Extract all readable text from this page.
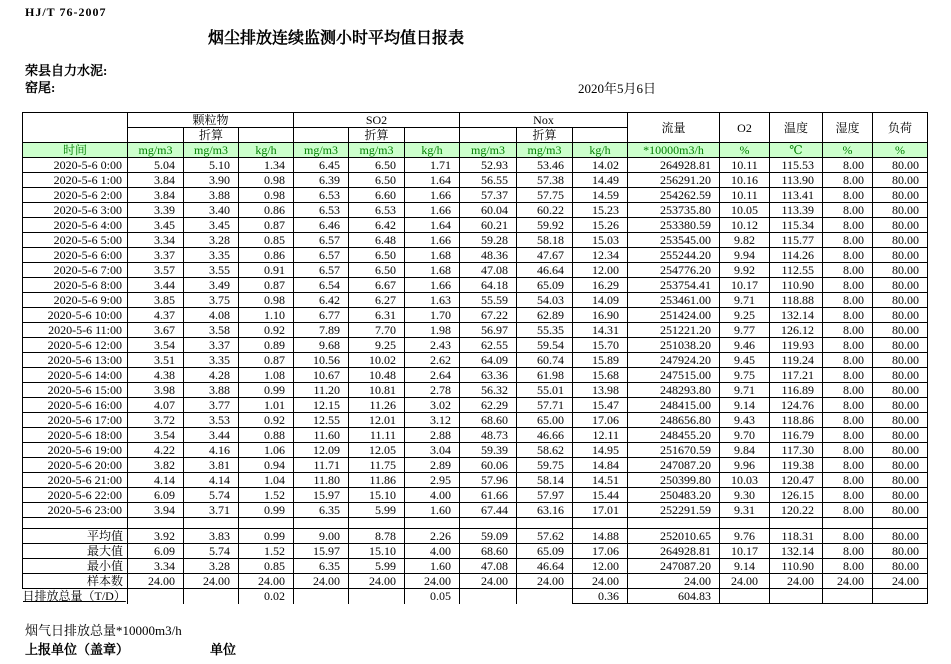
HJ/T 76-2007
烟尘排放连续监测小时平均值日报表
荣县自力水泥:
窑尾:	2020年5月6日
	颗粒物			SO2			Nox			流量	O2	温度	湿度	负荷
		折算			折算			折算						
时间	mg/m3	mg/m3	kg/h	mg/m3	mg/m3	kg/h	mg/m3	mg/m3	kg/h	*10000m3/h	%	℃	%	%
2020-5-6 0:00	5.04	5.10	1.34	6.45	6.50	1.71	52.93	53.46	14.02	264928.81	10.11	115.53	8.00	80.00
2020-5-6 1:00	3.84	3.90	0.98	6.39	6.50	1.64	56.55	57.38	14.49	256291.20	10.16	113.90	8.00	80.00
2020-5-6 2:00	3.84	3.88	0.98	6.53	6.60	1.66	57.37	57.75	14.59	254262.59	10.11	113.41	8.00	80.00
2020-5-6 3:00	3.39	3.40	0.86	6.53	6.53	1.66	60.04	60.22	15.23	253735.80	10.05	113.39	8.00	80.00
2020-5-6 4:00	3.45	3.45	0.87	6.46	6.42	1.64	60.21	59.92	15.26	253380.59	10.12	115.34	8.00	80.00
2020-5-6 5:00	3.34	3.28	0.85	6.57	6.48	1.66	59.28	58.18	15.03	253545.00	9.82	115.77	8.00	80.00
2020-5-6 6:00	3.37	3.35	0.86	6.57	6.50	1.68	48.36	47.67	12.34	255244.20	9.94	114.26	8.00	80.00
2020-5-6 7:00	3.57	3.55	0.91	6.57	6.50	1.68	47.08	46.64	12.00	254776.20	9.92	112.55	8.00	80.00
2020-5-6 8:00	3.44	3.49	0.87	6.54	6.67	1.66	64.18	65.09	16.29	253754.41	10.17	110.90	8.00	80.00
2020-5-6 9:00	3.85	3.75	0.98	6.42	6.27	1.63	55.59	54.03	14.09	253461.00	9.71	118.88	8.00	80.00
2020-5-6 10:00	4.37	4.08	1.10	6.77	6.31	1.70	67.22	62.89	16.90	251424.00	9.25	132.14	8.00	80.00
2020-5-6 11:00	3.67	3.58	0.92	7.89	7.70	1.98	56.97	55.35	14.31	251221.20	9.77	126.12	8.00	80.00
2020-5-6 12:00	3.54	3.37	0.89	9.68	9.25	2.43	62.55	59.54	15.70	251038.20	9.46	119.93	8.00	80.00
2020-5-6 13:00	3.51	3.35	0.87	10.56	10.02	2.62	64.09	60.74	15.89	247924.20	9.45	119.24	8.00	80.00
2020-5-6 14:00	4.38	4.28	1.08	10.67	10.48	2.64	63.36	61.98	15.68	247515.00	9.75	117.21	8.00	80.00
2020-5-6 15:00	3.98	3.88	0.99	11.20	10.81	2.78	56.32	55.01	13.98	248293.80	9.71	116.89	8.00	80.00
2020-5-6 16:00	4.07	3.77	1.01	12.15	11.26	3.02	62.29	57.71	15.47	248415.00	9.14	124.76	8.00	80.00
2020-5-6 17:00	3.72	3.53	0.92	12.55	12.01	3.12	68.60	65.00	17.06	248656.80	9.43	118.86	8.00	80.00
2020-5-6 18:00	3.54	3.44	0.88	11.60	11.11	2.88	48.73	46.66	12.11	248455.20	9.70	116.79	8.00	80.00
2020-5-6 19:00	4.22	4.16	1.06	12.09	12.05	3.04	59.39	58.62	14.95	251670.59	9.84	117.30	8.00	80.00
2020-5-6 20:00	3.82	3.81	0.94	11.71	11.75	2.89	60.06	59.75	14.84	247087.20	9.96	119.38	8.00	80.00
2020-5-6 21:00	4.14	4.14	1.04	11.80	11.86	2.95	57.96	58.14	14.51	250399.80	10.03	120.47	8.00	80.00
2020-5-6 22:00	6.09	5.74	1.52	15.97	15.10	4.00	61.66	57.97	15.44	250483.20	9.30	126.15	8.00	80.00
2020-5-6 23:00	3.94	3.71	0.99	6.35	5.99	1.60	67.44	63.16	17.01	252291.59	9.31	120.22	8.00	80.00

平均值	3.92	3.83	0.99	9.00	8.78	2.26	59.09	57.62	14.88	252010.65	9.76	118.31	8.00	80.00
最大值	6.09	5.74	1.52	15.97	15.10	4.00	68.60	65.09	17.06	264928.81	10.17	132.14	8.00	80.00
最小值	3.34	3.28	0.85	6.35	5.99	1.60	47.08	46.64	12.00	247087.20	9.14	110.90	8.00	80.00
样本数	24.00	24.00	24.00	24.00	24.00	24.00	24.00	24.00	24.00	24.00	24.00	24.00	24.00	24.00
日排放总量（T/D）			0.02			0.05			0.36	604.83				
烟气日排放总量*10000m3/h
上报单位（盖章）	单位
